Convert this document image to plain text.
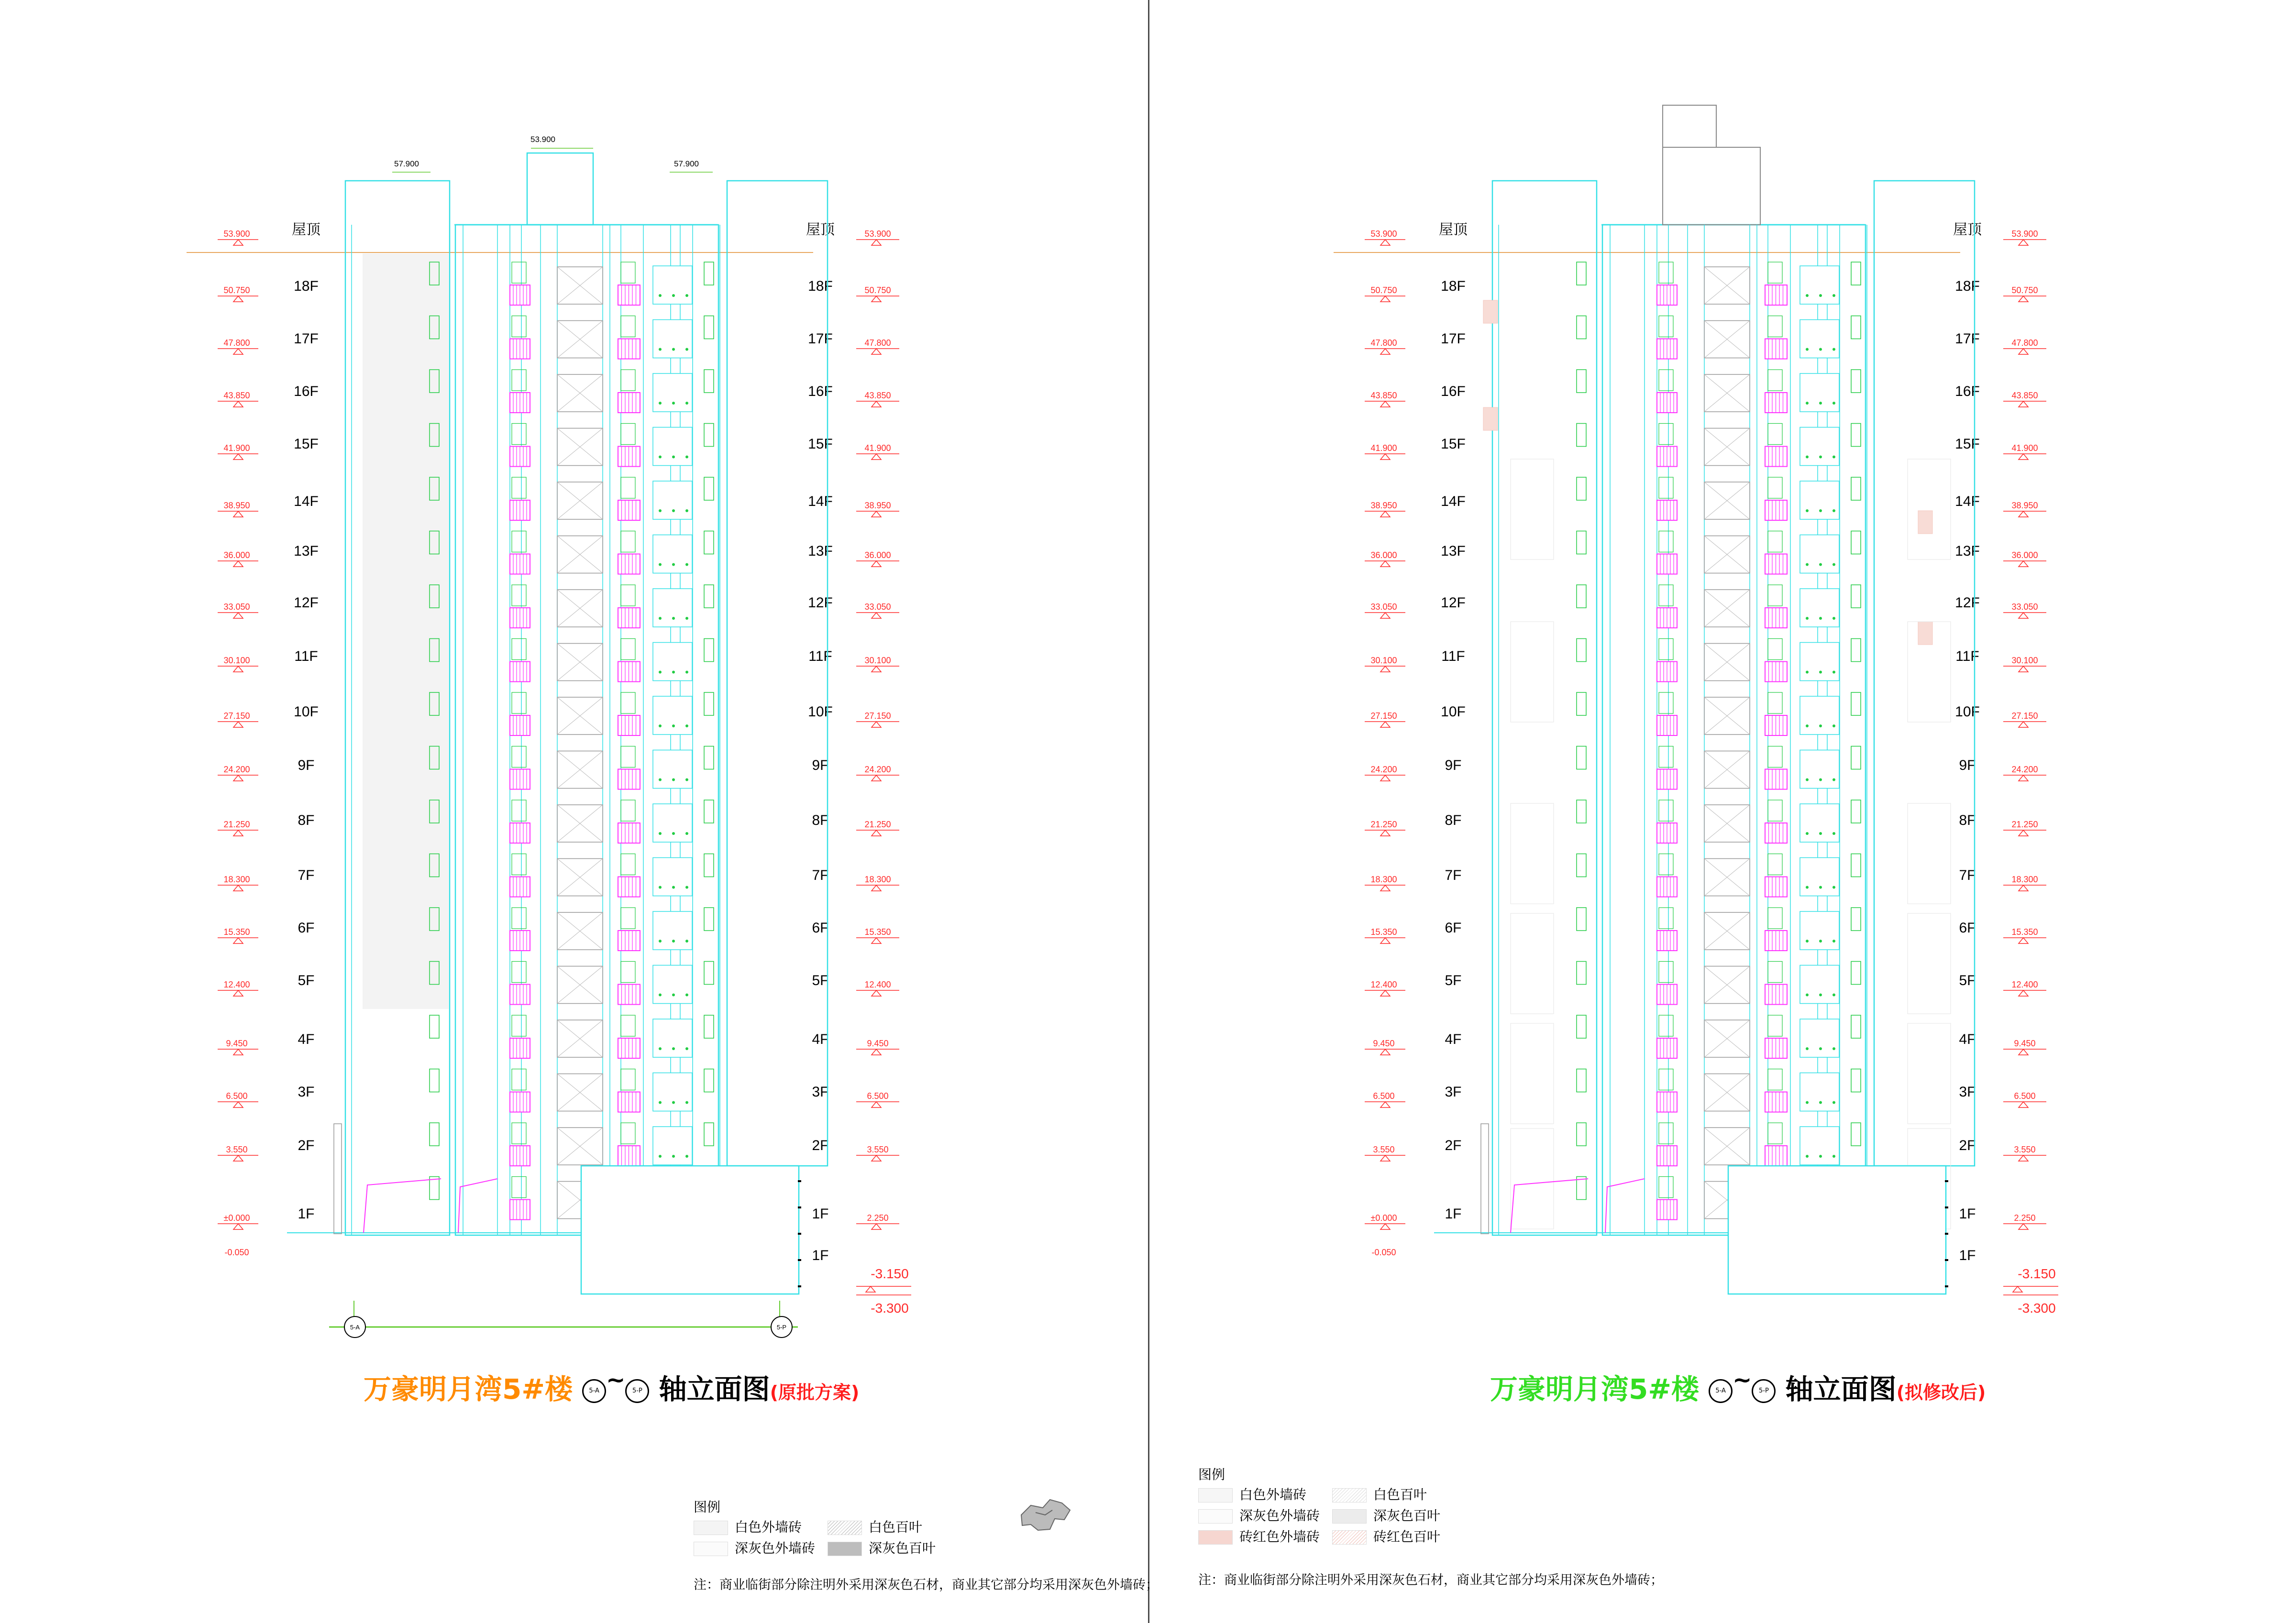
屋顶	屋顶
53.900	53.900
18F	18F
50.750	50.750
17F	17F
47.800	47.800
16F	16F
43.850	43.850
15F	15F
41.900	41.900
14F	14F
38.950	38.950
13F	13F
36.000	36.000
12F	12F
33.050	33.050
11F	11F
30.100	30.100
10F	10F
27.150	27.150
9F	9F
24.200	24.200
8F	8F
21.250	21.250
7F	7F
18.300	18.300
6F	6F
15.350	15.350
5F	5F
12.400	12.400
4F	4F
9.450	9.450
3F	3F
6.500	6.500
2F	2F
3.550	3.550
1F	1F
±0.000	2.250
-0.050
-3.150
-3.300
1F
53.900
57.900	57.900
5-A	5-P
屋顶	屋顶
53.900	53.900
18F	18F
50.750	50.750
17F	17F
47.800	47.800
16F	16F
43.850	43.850
15F	15F
41.900	41.900
14F	14F
38.950	38.950
13F	13F
36.000	36.000
12F	12F
33.050	33.050
11F	11F
30.100	30.100
10F	10F
27.150	27.150
9F	9F
24.200	24.200
8F	8F
21.250	21.250
7F	7F
18.300	18.300
6F	6F
15.350	15.350
5F	5F
12.400	12.400
4F	4F
9.450	9.450
3F	3F
6.500	6.500
2F	2F
3.550	3.550
1F	1F
±0.000	2.250
-0.050
-3.150
-3.300
1F
万豪明月湾5#楼	5-A ~ 5-P 轴立面图(原批方案)	万豪明月湾5#楼	5-A ~ 5-P 轴立面图(拟修改后)
图例
白色外墙砖	白色百叶
深灰色外墙砖	深灰色百叶
注：商业临街部分除注明外采用深灰色石材，商业其它部分均采用深灰色外墙砖；
图例
白色外墙砖	白色百叶
深灰色外墙砖	深灰色百叶
砖红色外墙砖	砖红色百叶
注：商业临街部分除注明外采用深灰色石材，商业其它部分均采用深灰色外墙砖；
